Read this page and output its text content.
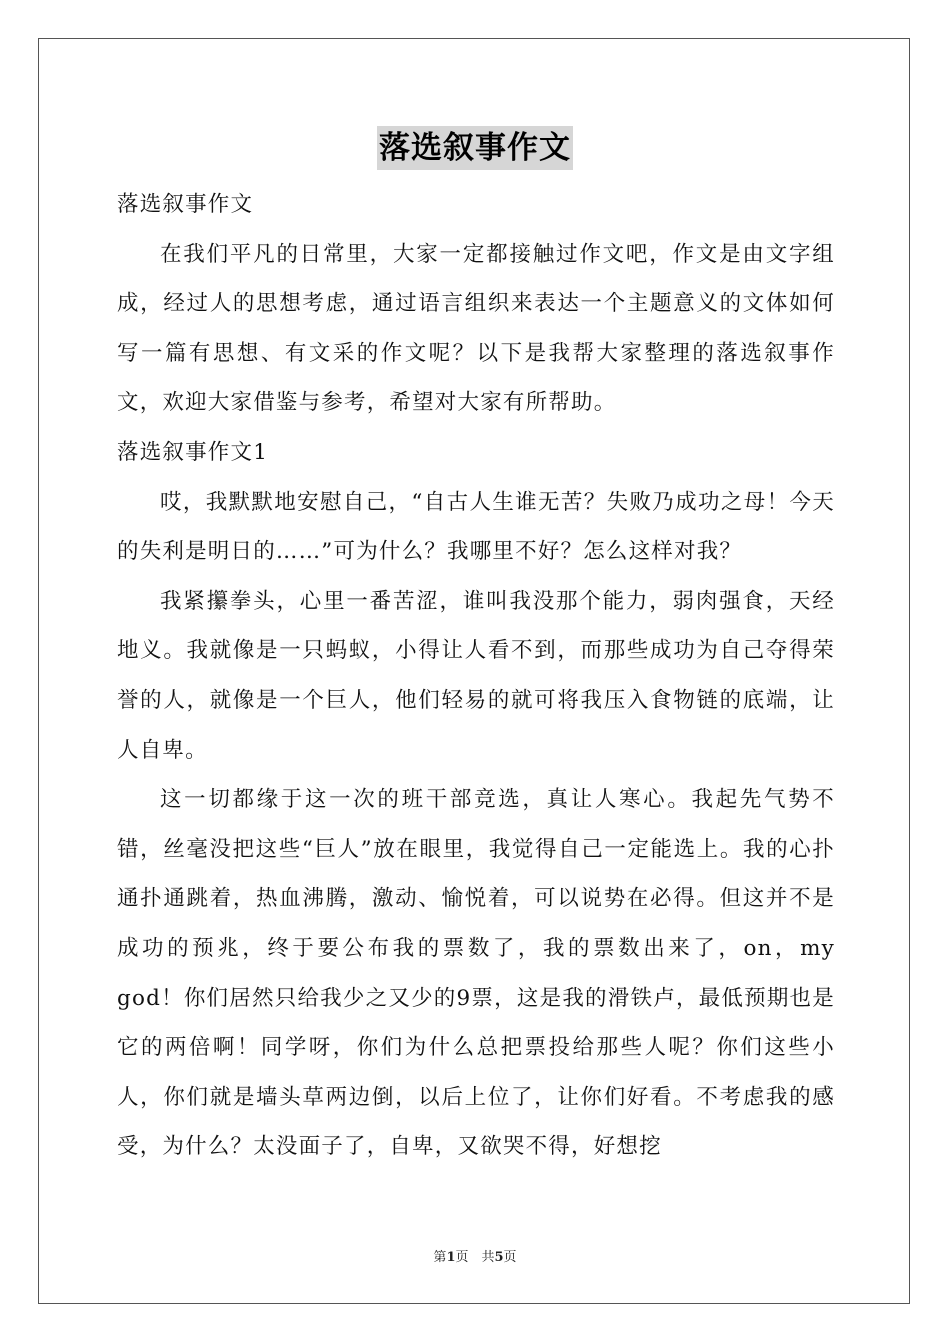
落选叙事作文

落选叙事作文

在我们平凡的日常里，大家一定都接触过作文吧，作文是由文字组成，经过人的思想考虑，通过语言组织来表达一个主题意义的文体如何写一篇有思想、有文采的作文呢？以下是我帮大家整理的落选叙事作文，欢迎大家借鉴与参考，希望对大家有所帮助。

落选叙事作文1

哎，我默默地安慰自己，“自古人生谁无苦？失败乃成功之母！今天的失利是明日的……”可为什么？我哪里不好？怎么这样对我？

我紧攥拳头，心里一番苦涩，谁叫我没那个能力，弱肉强食，天经地义。我就像是一只蚂蚁，小得让人看不到，而那些成功为自己夺得荣誉的人，就像是一个巨人，他们轻易的就可将我压入食物链的底端，让人自卑。

这一切都缘于这一次的班干部竞选，真让人寒心。我起先气势不错，丝毫没把这些“巨人”放在眼里，我觉得自己一定能选上。我的心扑通扑通跳着，热血沸腾，激动、愉悦着，可以说势在必得。但这并不是成功的预兆，终于要公布我的票数了，我的票数出来了，on，my god！你们居然只给我少之又少的9票，这是我的滑铁卢，最低预期也是它的两倍啊！同学呀，你们为什么总把票投给那些人呢？你们这些小人，你们就是墙头草两边倒，以后上位了，让你们好看。不考虑我的感受，为什么？太没面子了，自卑，又欲哭不得，好想挖

第1页　共5页
